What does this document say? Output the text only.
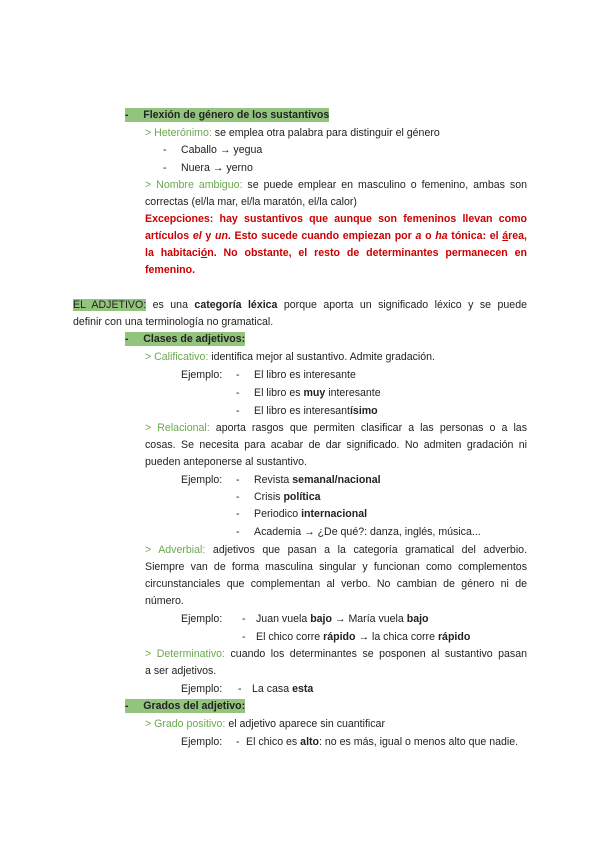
- Flexión de género de los sustantivos
> Heterónimo: se emplea otra palabra para distinguir el género
- Caballo → yegua
- Nuera → yerno
> Nombre ambiguo: se puede emplear en masculino o femenino, ambas son
correctas (el/la mar, el/la maratón, el/la calor)
Excepciones: hay sustantivos que aunque son femeninos llevan como
artículos el y un. Esto sucede cuando empiezan por a o ha tónica: el área,
la habitación. No obstante, el resto de determinantes permanecen en
femenino.
EL ADJETIVO: es una categoría léxica porque aporta un significado léxico y se puede
definir con una terminología no gramatical.
- Clases de adjetivos:
> Calificativo: identifica mejor al sustantivo. Admite gradación.
Ejemplo: - El libro es interesante
- El libro es muy interesante
- El libro es interesantísimo
> Relacional: aporta rasgos que permiten clasificar a las personas o a las
cosas. Se necesita para acabar de dar significado. No admiten gradación ni
pueden anteponerse al sustantivo.
Ejemplo: - Revista semanal/nacional
- Crisis política
- Periodico internacional
- Academia → ¿De qué?: danza, inglés, música...
> Adverbial: adjetivos que pasan a la categoría gramatical del adverbio.
Siempre van de forma masculina singular y funcionan como complementos
circunstanciales que complementan al verbo. No cambian de género ni de
número.
Ejemplo: - Juan vuela bajo → María vuela bajo
- El chico corre rápido → la chica corre rápido
> Determinativo: cuando los determinantes se posponen al sustantivo pasan
a ser adjetivos.
Ejemplo: - La casa esta
- Grados del adjetivo:
> Grado positivo: el adjetivo aparece sin cuantificar
Ejemplo: - El chico es alto: no es más, igual o menos alto que nadie.
